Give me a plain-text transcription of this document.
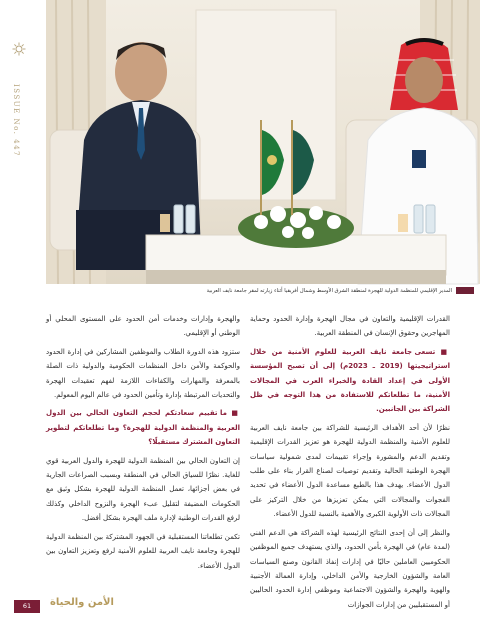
ISSUE No. 447
المدير الإقليمي للمنظمة الدولية للهجرة لمنطقة الشرق الأوسط وشمال أفريقيا أثناء زيارته لمقر جامعة نايف العربية

القدرات الإقليمية والتعاون في مجال الهجرة وإدارة الحدود وحماية المهاجرين وحقوق الإنسان في المنطقة العربية.

■ تسعى جامعة نايف العربية للعلوم الأمنية من خلال استراتيجيتها (2019 ـ 2023م) إلى أن تصبح المؤسسة الأولى في إعداد القادة والخبراء العرب في المجالات الأمنية، ما تطلعاتكم للاستفادة من هذا التوجه في ظل الشراكة بين الجانبين.

نظرًا لأن أحد الأهداف الرئيسية للشراكة بين جامعة نايف العربية للعلوم الأمنية والمنظمة الدولية للهجرة هو تعزيز القدرات الإقليمية وتقديم الدعم والمشورة وإجراء تقييمات لمدى شمولية سياسات الهجرة الوطنية الحالية وتقديم توصيات لصناع القرار بناء على طلب الدول الأعضاء. يهدف هذا بالطبع مساعدة الدول الأعضاء في تحديد الفجوات والمجالات التي يمكن تعزيزها من خلال التركيز على المجالات ذات الأولوية الكبرى والأهمية بالنسبة للدول الأعضاء.

والنظر إلى أن إحدى النتائج الرئيسية لهذه الشراكة هي الدعم الفني (لمدة عام) في الهجرة بأمن الحدود، والذي يستهدف جميع الموظفين الحكوميين العاملين حاليًا في إدارات إنفاذ القانون وصنع السياسات العامة والشؤون الخارجية والأمن الداخلي، وإدارة العمالة الأجنبية والهوية والهجرة والشؤون الاجتماعية وموظفي إدارة الحدود الحاليين أو المستقبليين من إدارات الجوازات

والهجرة وإدارات وخدمات أمن الحدود على المستوى المحلي أو الوطني أو الإقليمي.

ستزود هذه الدورة الطلاب والموظفين المشاركين في إدارة الحدود والحوكمة والأمن داخل المنظمات الحكومية والدولية ذات الصلة بالمعرفة والمهارات والكفاءات اللازمة لفهم تعقيدات الهجرة والتحديات المرتبطة بإدارة وتأمين الحدود في عالم اليوم المعولم.

■ ما تقييم سعادتكم لحجم التعاون الحالي بين الدول العربية والمنظمة الدولية للهجرة؟ وما تطلعاتكم لتطوير التعاون المشترك مستقبلًا؟

إن التعاون الحالي بين المنظمة الدولية للهجرة والدول العربية قوي للغاية. نظرًا للسياق الحالي في المنطقة وبسبب الصراعات الجارية في بعض أجزائها، تعمل المنظمة الدولية للهجرة بشكل وثيق مع الحكومات المضيفة لتقليل عبء الهجرة والنزوح الداخلي وكذلك لرفع القدرات الوطنية لإدارة ملف الهجرة بشكل أفضل.

تكمن تطلعاتنا المستقبلية في الجهود المشتركة بين المنظمة الدولية للهجرة وجامعة نايف العربية للعلوم الأمنية لرفع وتعزيز التعاون بين الدول الأعضاء.

61	الأمن والحياة
